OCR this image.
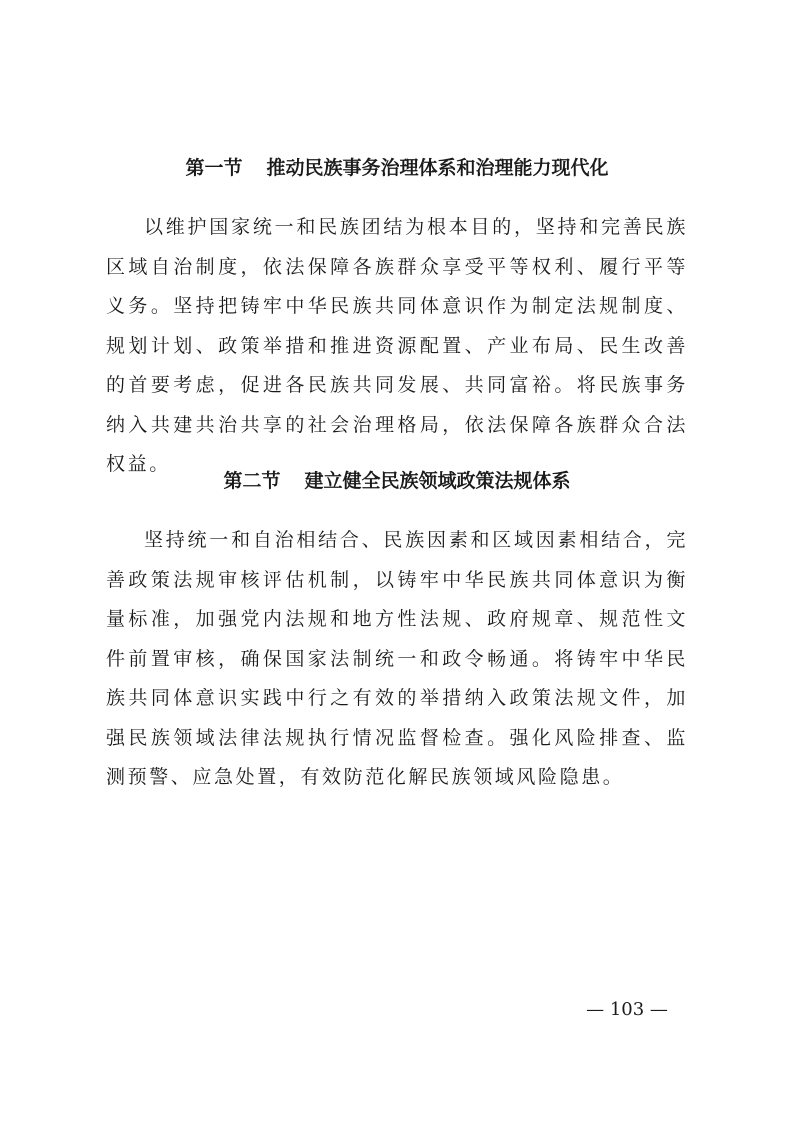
第一节 推动民族事务治理体系和治理能力现代化

以维护国家统一和民族团结为根本目的，坚持和完善民族区域自治制度，依法保障各族群众享受平等权利、履行平等义务。坚持把铸牢中华民族共同体意识作为制定法规制度、规划计划、政策举措和推进资源配置、产业布局、民生改善的首要考虑，促进各民族共同发展、共同富裕。将民族事务纳入共建共治共享的社会治理格局，依法保障各族群众合法权益。

第二节 建立健全民族领域政策法规体系

坚持统一和自治相结合、民族因素和区域因素相结合，完善政策法规审核评估机制，以铸牢中华民族共同体意识为衡量标准，加强党内法规和地方性法规、政府规章、规范性文件前置审核，确保国家法制统一和政令畅通。将铸牢中华民族共同体意识实践中行之有效的举措纳入政策法规文件，加强民族领域法律法规执行情况监督检查。强化风险排查、监测预警、应急处置，有效防范化解民族领域风险隐患。

— 103 —
